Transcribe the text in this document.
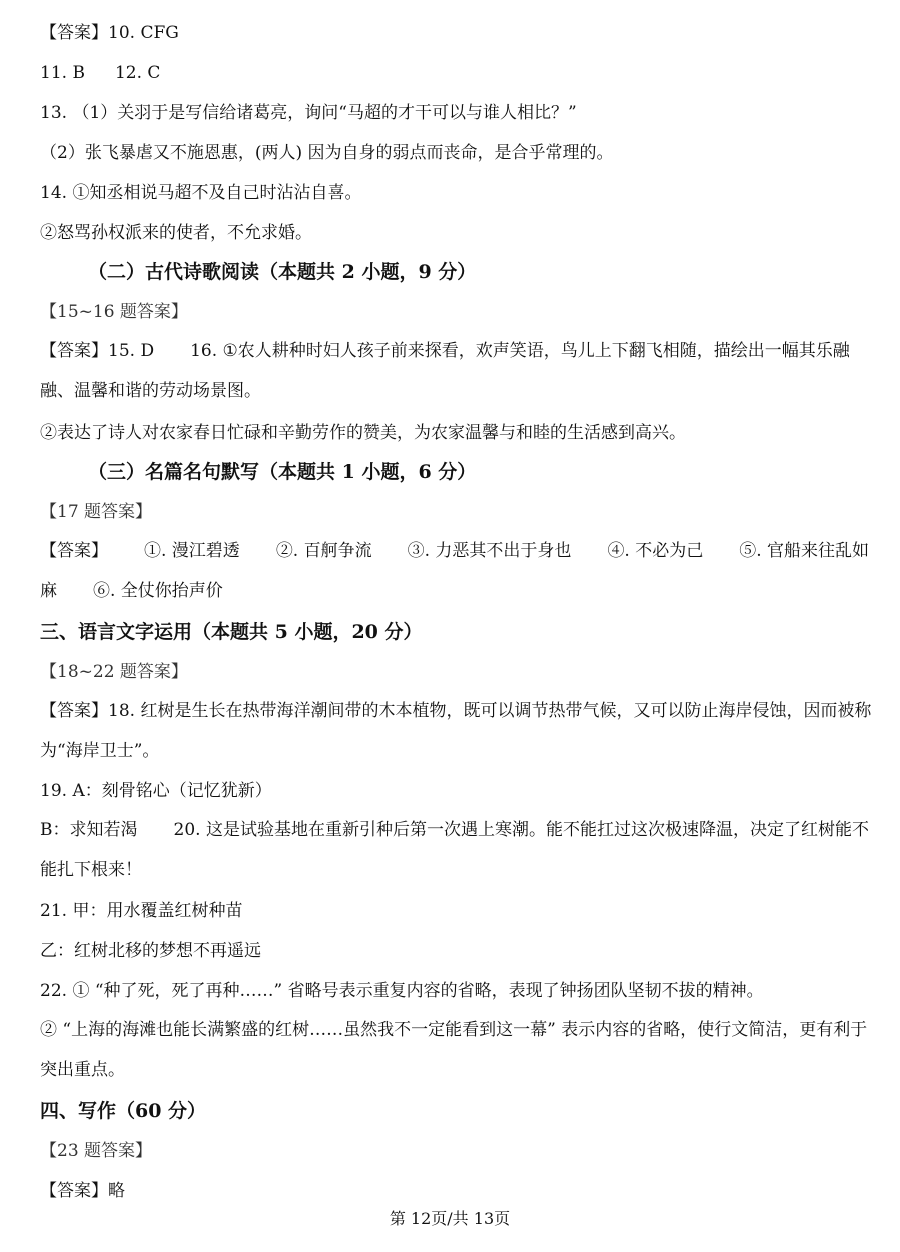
【答案】10. CFG
11. B 12. C
13. （1）关羽于是写信给诸葛亮，询问“马超的才干可以与谁人相比？”
（2）张飞暴虐又不施恩惠，(两人) 因为自身的弱点而丧命，是合乎常理的。
14. ①知丞相说马超不及自己时沾沾自喜。
②怒骂孙权派来的使者，不允求婚。
（二）古代诗歌阅读（本题共 2 小题，9 分）
【15~16 题答案】
【答案】15. D 16. ①农人耕种时妇人孩子前来探看，欢声笑语，鸟儿上下翻飞相随，描绘出一幅其乐融融、温馨和谐的劳动场景图。
②表达了诗人对农家春日忙碌和辛勤劳作的赞美，为农家温馨与和睦的生活感到高兴。
（三）名篇名句默写（本题共 1 小题，6 分）
【17 题答案】
【答案】 ①. 漫江碧透 ②. 百舸争流 ③. 力恶其不出于身也 ④. 不必为己 ⑤. 官船来往乱如麻 ⑥. 全仗你抬声价
三、语言文字运用（本题共 5 小题，20 分）
【18~22 题答案】
【答案】18. 红树是生长在热带海洋潮间带的木本植物，既可以调节热带气候，又可以防止海岸侵蚀，因而被称为“海岸卫士”。
19. A：刻骨铭心（记忆犹新）
B：求知若渴 20. 这是试验基地在重新引种后第一次遇上寒潮。能不能扛过这次极速降温，决定了红树能不能扎下根来！
21. 甲：用水覆盖红树种苗
乙：红树北移的梦想不再遥远
22. ① “种了死，死了再种……” 省略号表示重复内容的省略，表现了钟扬团队坚韧不拔的精神。
② “上海的海滩也能长满繁盛的红树……虽然我不一定能看到这一幕” 表示内容的省略，使行文简洁，更有利于突出重点。
四、写作（60 分）
【23 题答案】
【答案】略
第 12页/共 13页
